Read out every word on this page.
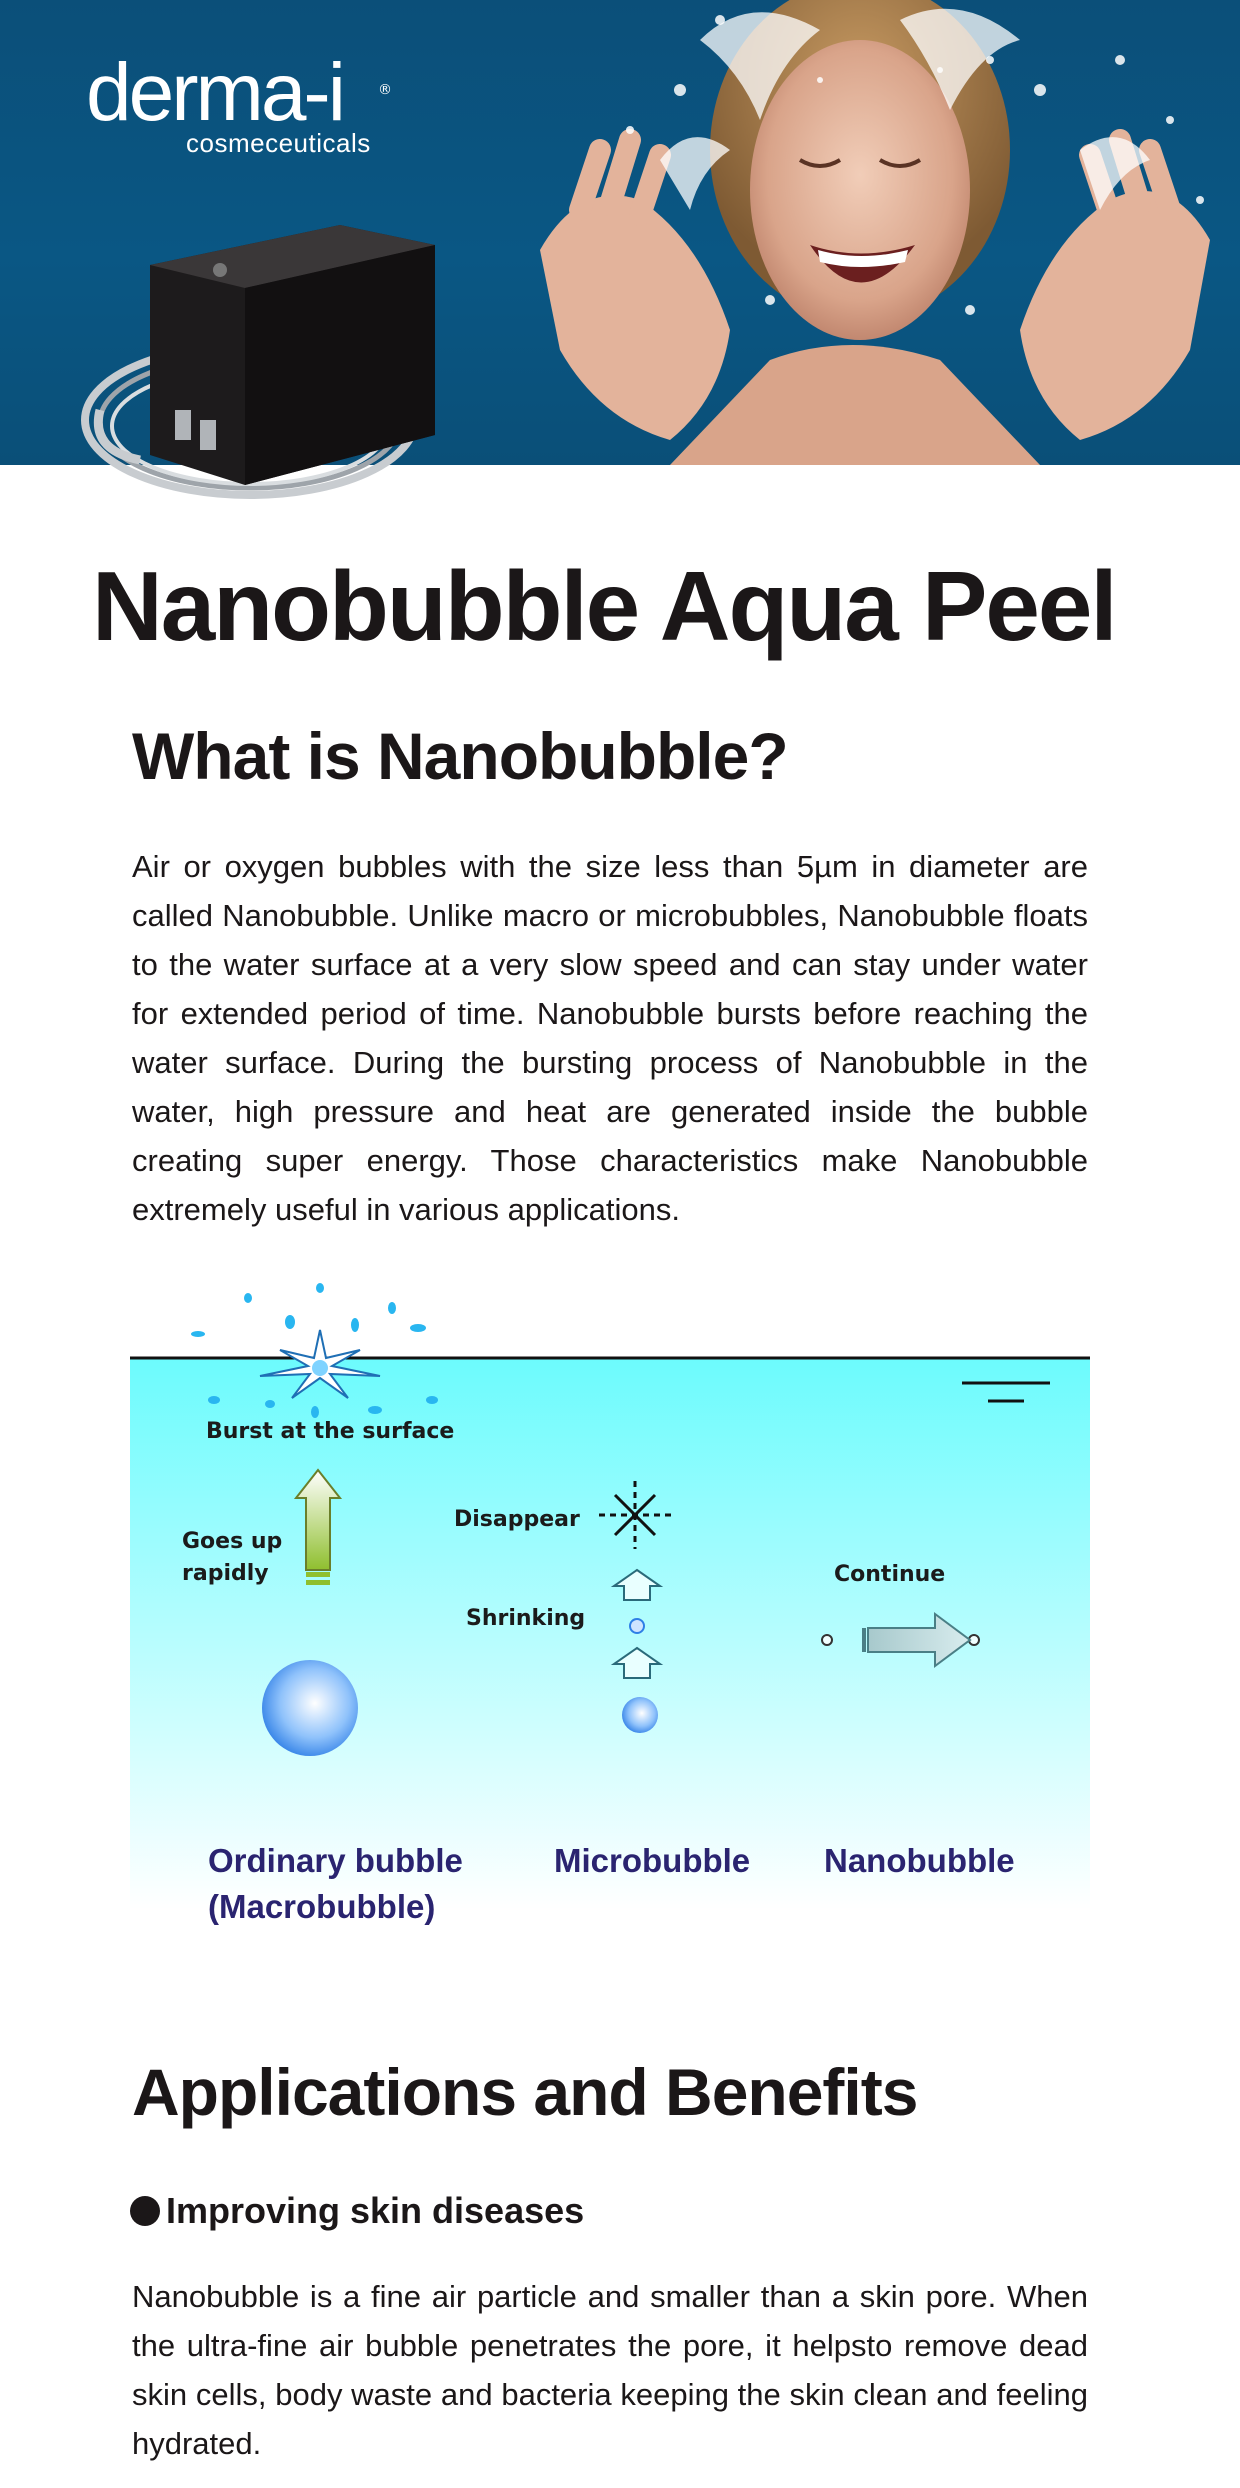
derma-i	®
cosmeceuticals
Nanobubble Aqua Peel
What is Nanobubble?

Air or oxygen bubbles with the size less than 5µm in diameter are called Nanobubble. Unlike macro or microbubbles, Nanobubble floats to the water surface at a very slow speed and can stay under water for extended period of time. Nanobubble bursts before reaching the water surface. During the bursting process of Nanobubble in the water, high pressure and heat are generated inside the bubble creating super energy. Those characteristics make Nanobubble extremely useful in various applications.

Burst at the surface
Goes up rapidly
Disappear
Shrinking
Continue
Ordinary bubble (Macrobubble)
Microbubble Nanobubble
Applications and Benefits
Improving skin diseases

Nanobubble is a fine air particle and smaller than a skin pore. When the ultra-fine air bubble penetrates the pore, it helpsto remove dead skin cells, body waste and bacteria keeping the skin clean and feeling hydrated.
